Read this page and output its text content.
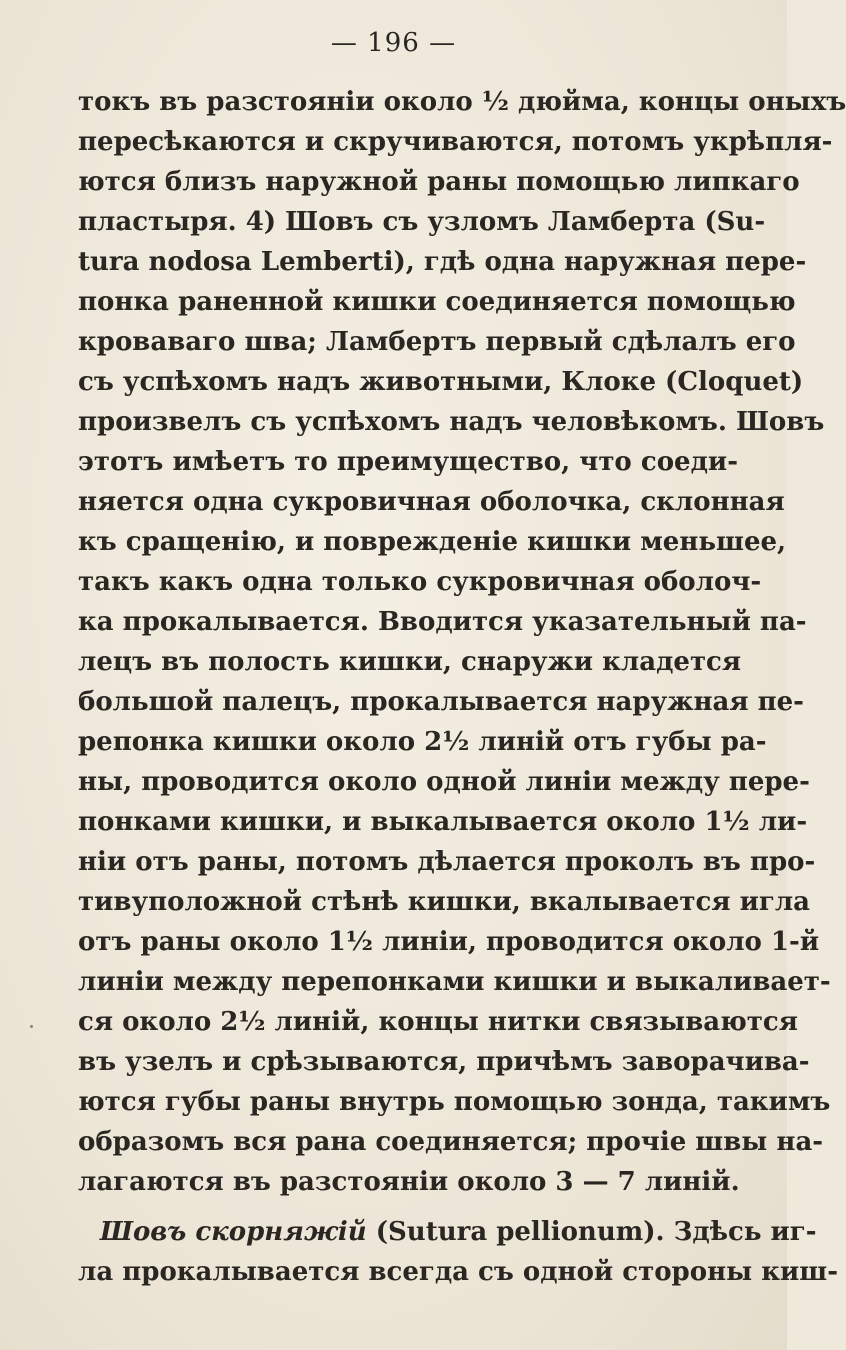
— 196 —
токъ въ разстояніи около ½ дюйма, концы оныхъ
пересѣкаются и скручиваются, потомъ укрѣпля-
ются близъ наружной раны помощью липкаго
пластыря. 4) Шовъ съ узломъ Ламберта (Su-
tura nodosa Lemberti), гдѣ одна наружная пере-
понка раненной кишки соединяется помощью
кроваваго шва; Ламбертъ первый сдѣлалъ его
съ успѣхомъ надъ животными, Клоке (Cloquet)
произвелъ съ успѣхомъ надъ человѣкомъ. Шовъ
этотъ имѣетъ то преимущество, что соеди-
няется одна сукровичная оболочка, склонная
къ сращенію, и поврежденіе кишки меньшее,
такъ какъ одна только сукровичная оболоч-
ка прокалывается. Вводится указательный па-
лецъ въ полость кишки, снаружи кладется
большой палецъ, прокалывается наружная пе-
репонка кишки около 2½ линій отъ губы ра-
ны, проводится около одной линіи между пере-
понками кишки, и выкалывается около 1½ ли-
ніи отъ раны, потомъ дѣлается проколъ въ про-
тивуположной стѣнѣ кишки, вкалывается игла
отъ раны около 1½ линіи, проводится около 1-й
линіи между перепонками кишки и выкаливает-
ся около 2½ линій, концы нитки связываются
въ узелъ и срѣзываются, причѣмъ заворачива-
ются губы раны внутрь помощью зонда, такимъ
образомъ вся рана соединяется; прочіе швы на-
лагаются въ разстояніи около 3 — 7 линій.
Шовъ скорняжій (Sutura pellionum). Здѣсь иг-
ла прокалывается всегда съ одной стороны киш-
